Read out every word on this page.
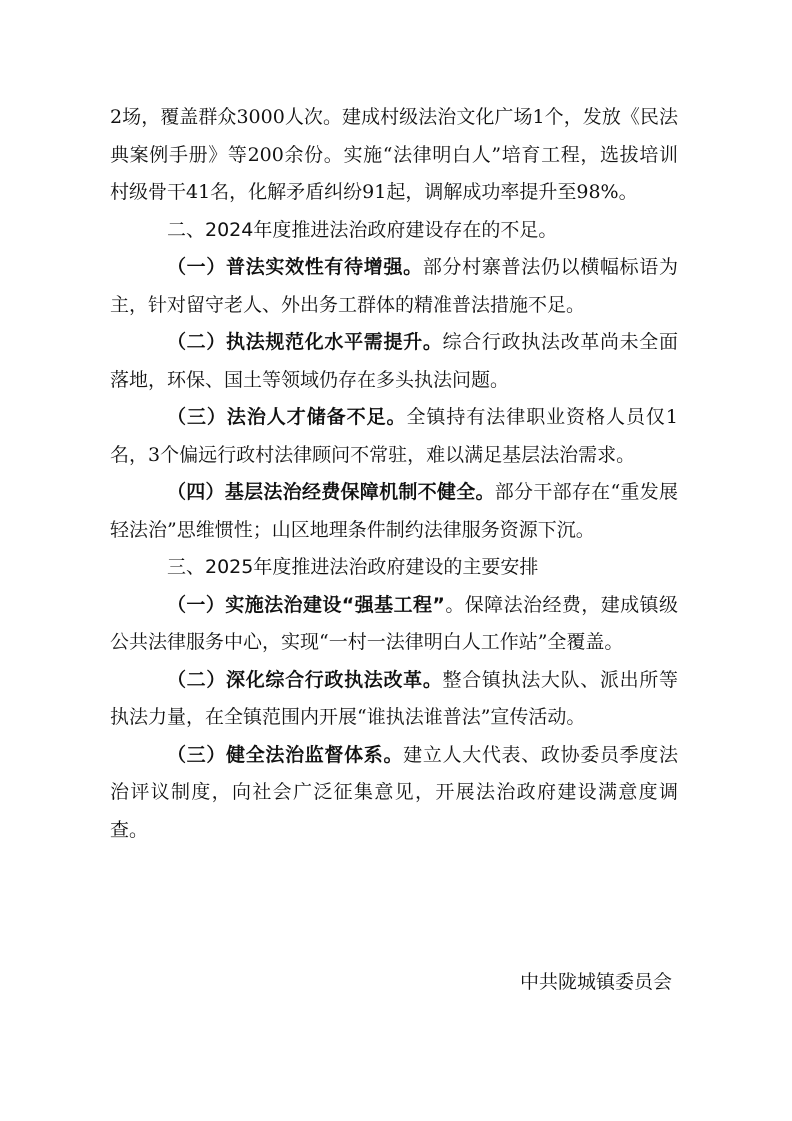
2场，覆盖群众3000人次。建成村级法治文化广场1个，发放《民法典案例手册》等200余份。实施“法律明白人”培育工程，选拔培训村级骨干41名，化解矛盾纠纷91起，调解成功率提升至98%。

二、2024年度推进法治政府建设存在的不足。

（一）普法实效性有待增强。部分村寨普法仍以横幅标语为主，针对留守老人、外出务工群体的精准普法措施不足。

（二）执法规范化水平需提升。综合行政执法改革尚未全面落地，环保、国土等领域仍存在多头执法问题。

（三）法治人才储备不足。全镇持有法律职业资格人员仅1名，3个偏远行政村法律顾问不常驻，难以满足基层法治需求。

（四）基层法治经费保障机制不健全。部分干部存在“重发展轻法治”思维惯性；山区地理条件制约法律服务资源下沉。

三、2025年度推进法治政府建设的主要安排

（一）实施法治建设“强基工程”。保障法治经费，建成镇级公共法律服务中心，实现“一村一法律明白人工作站”全覆盖。

（二）深化综合行政执法改革。整合镇执法大队、派出所等执法力量，在全镇范围内开展“谁执法谁普法”宣传活动。

（三）健全法治监督体系。建立人大代表、政协委员季度法治评议制度，向社会广泛征集意见，开展法治政府建设满意度调查。

中共陇城镇委员会
